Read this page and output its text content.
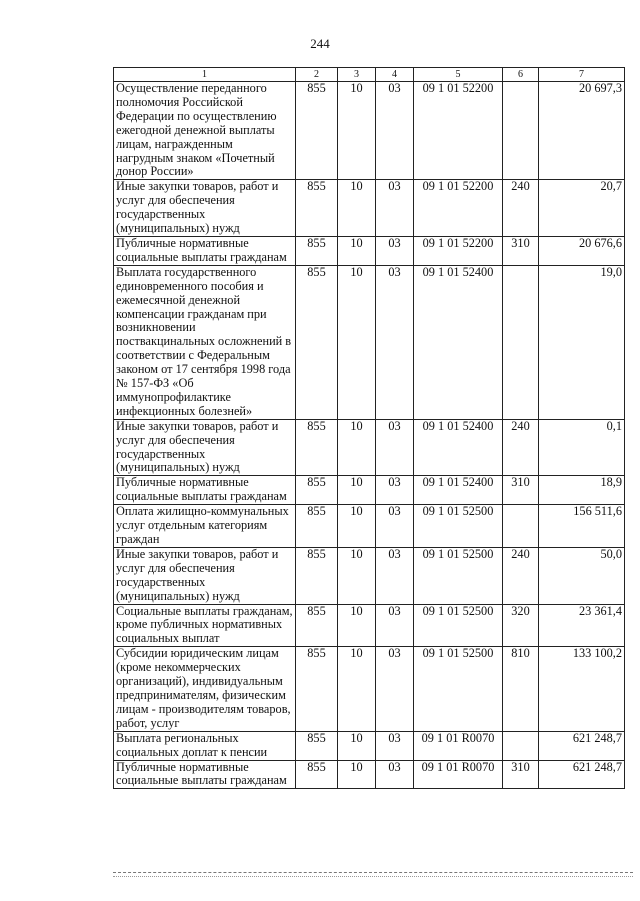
244
1	2	3	4	5	6	7
Осуществление переданного полномочия Российской Федерации по осуществлению ежегодной денежной выплаты лицам, награжденным нагрудным знаком «Почетный донор России»	855	10	03	09 1 01 52200		20 697,3
Иные закупки товаров, работ и услуг для обеспечения государственных (муниципальных) нужд	855	10	03	09 1 01 52200	240	20,7
Публичные нормативные социальные выплаты гражданам	855	10	03	09 1 01 52200	310	20 676,6
Выплата государственного единовременного пособия и ежемесячной денежной компенсации гражданам при возникновении поствакцинальных осложнений в соответствии с Федеральным законом от 17 сентября 1998 года № 157-ФЗ «Об иммунопрофилактике инфекционных болезней»	855	10	03	09 1 01 52400		19,0
Иные закупки товаров, работ и услуг для обеспечения государственных (муниципальных) нужд	855	10	03	09 1 01 52400	240	0,1
Публичные нормативные социальные выплаты гражданам	855	10	03	09 1 01 52400	310	18,9
Оплата жилищно-коммунальных услуг отдельным категориям граждан	855	10	03	09 1 01 52500		156 511,6
Иные закупки товаров, работ и услуг для обеспечения государственных (муниципальных) нужд	855	10	03	09 1 01 52500	240	50,0
Социальные выплаты гражданам, кроме публичных нормативных социальных выплат	855	10	03	09 1 01 52500	320	23 361,4
Субсидии юридическим лицам (кроме некоммерческих организаций), индивидуальным предпринимателям, физическим лицам - производителям товаров, работ, услуг	855	10	03	09 1 01 52500	810	133 100,2
Выплата региональных социальных доплат к пенсии	855	10	03	09 1 01 R0070		621 248,7
Публичные нормативные социальные выплаты гражданам	855	10	03	09 1 01 R0070	310	621 248,7
